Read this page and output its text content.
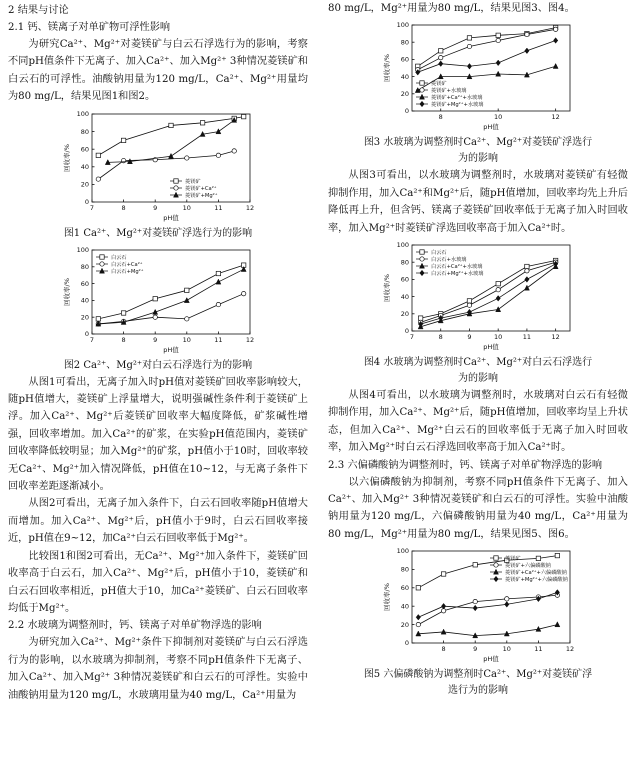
2 结果与讨论

2.1 钙、镁离子对单矿物可浮性影响

为研究Ca²⁺、Mg²⁺对菱镁矿与白云石浮选行为的影响，考察不同pH值条件下无离子、加入Ca²⁺、加入Mg²⁺ 3种情况菱镁矿和白云石的可浮性。油酸钠用量为120 mg/L，Ca²⁺、Mg²⁺用量均为80 mg/L，结果见图1和图2。

7	8	9	10	11	12
0
20
40
60
80
100
pH值
回收率/%
菱镁矿
菱镁矿+Ca²⁺
菱镁矿+Mg²⁺

图1 Ca²⁺、Mg²⁺对菱镁矿浮选行为的影响

7	8	9	10	11	12
0
20
40
60
80
100
pH值
回收率/%
白云石
白云石+Ca²⁺
白云石+Mg²⁺

图2 Ca²⁺、Mg²⁺对白云石浮选行为的影响

从图1可看出，无离子加入时pH值对菱镁矿回收率影响较大，随pH值增大，菱镁矿上浮量增大，说明强碱性条件利于菱镁矿上浮。加入Ca²⁺、Mg²⁺后菱镁矿回收率大幅度降低，矿浆碱性增强，回收率增加。加入Ca²⁺的矿浆，在实验pH值范围内，菱镁矿回收率降低较明显；加入Mg²⁺的矿浆，pH值小于10时，回收率较无Ca²⁺、Mg²⁺加入情况降低，pH值在10~12，与无离子条件下回收率差距逐渐减小。

从图2可看出，无离子加入条件下，白云石回收率随pH值增大而增加。加入Ca²⁺、Mg²⁺后，pH值小于9时，白云石回收率接近，pH值在9~12，加Ca²⁺白云石回收率低于Mg²⁺。

比较图1和图2可看出，无Ca²⁺、Mg²⁺加入条件下，菱镁矿回收率高于白云石，加入Ca²⁺、Mg²⁺后，pH值小于10，菱镁矿和白云石回收率相近，pH值大于10，加Ca²⁺菱镁矿、白云石回收率均低于Mg²⁺。

2.2 水玻璃为调整剂时，钙、镁离子对单矿物浮选的影响

为研究加入Ca²⁺、Mg²⁺条件下抑制剂对菱镁矿与白云石浮选行为的影响，以水玻璃为抑制剂，考察不同pH值条件下无离子、加入Ca²⁺、加入Mg²⁺ 3种情况菱镁矿和白云石的可浮性。实验中油酸钠用量为120 mg/L，水玻璃用量为40 mg/L，Ca²⁺用量为

80 mg/L，Mg²⁺用量为80 mg/L，结果见图3、图4。

8	10	12
0
20
40
60
80
100
pH值
回收率/%
菱镁矿
菱镁矿+水玻璃
菱镁矿+Ca²⁺+水玻璃
菱镁矿+Mg²⁺+水玻璃

图3 水玻璃为调整剂时Ca²⁺、Mg²⁺对菱镁矿浮选行

为的影响

从图3可看出，以水玻璃为调整剂时，水玻璃对菱镁矿有轻微抑制作用，加入Ca²⁺和Mg²⁺后，随pH值增加，回收率均先上升后降低再上升，但含钙、镁离子菱镁矿回收率低于无离子加入时回收率，加入Mg²⁺时菱镁矿浮选回收率高于加入Ca²⁺时。

7	8	9	10	11	12
0
20
40
60
80
100
pH值
回收率/%
白云石
白云石+水玻璃
白云石+Ca²⁺+水玻璃
白云石+Mg²⁺+水玻璃

图4 水玻璃为调整剂时Ca²⁺、Mg²⁺对白云石浮选行

为的影响

从图4可看出，以水玻璃为调整剂时，水玻璃对白云石有轻微抑制作用，加入Ca²⁺、Mg²⁺后，随pH值增加，回收率均呈上升状态，但加入Ca²⁺、Mg²⁺白云石的回收率低于无离子加入时回收率，加入Mg²⁺时白云石浮选回收率高于加入Ca²⁺时。

2.3 六偏磷酸钠为调整剂时，钙、镁离子对单矿物浮选的影响

以六偏磷酸钠为抑制剂，考察不同pH值条件下无离子、加入Ca²⁺、加入Mg²⁺ 3种情况菱镁矿和白云石的可浮性。实验中油酸钠用量为120 mg/L，六偏磷酸钠用量为40 mg/L，Ca²⁺用量为80 mg/L，Mg²⁺用量为80 mg/L，结果见图5、图6。

8	9	10	11	12
0
20
40
60
80
100
pH值
回收率/%
菱镁矿
菱镁矿+六偏磷酸钠
菱镁矿+Ca²⁺+六偏磷酸钠
菱镁矿+Mg²⁺+六偏磷酸钠

图5 六偏磷酸钠为调整剂时Ca²⁺、Mg²⁺对菱镁矿浮

选行为的影响
